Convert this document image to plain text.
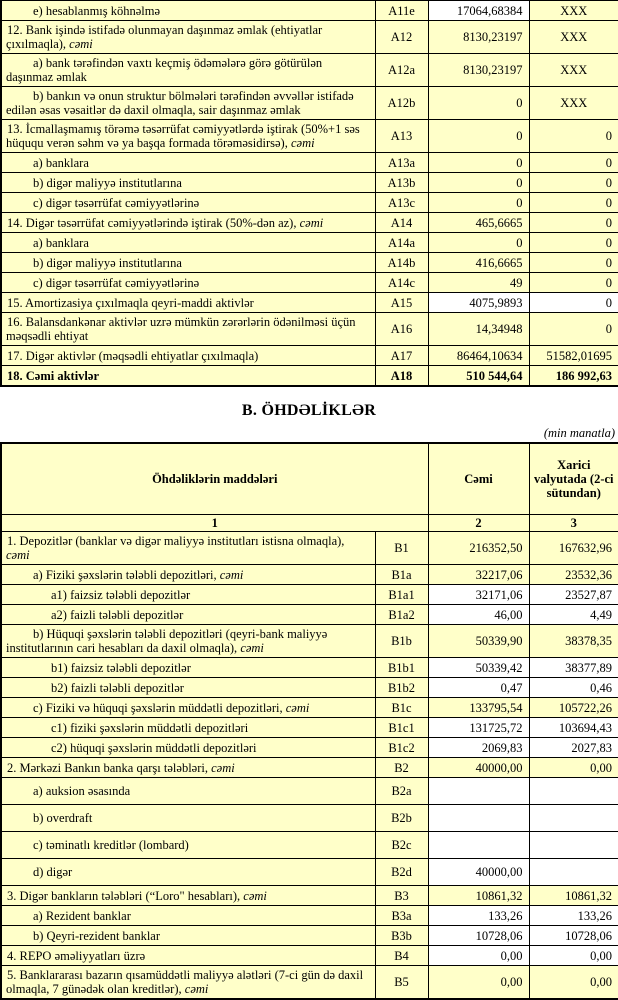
e) hesablanmış köhnəlmə	A11e	17064,68384	XXX
12. Bank işində istifadə olunmayan daşınmaz əmlak (ehtiyatlar çıxılmaqla), cəmi	A12	8130,23197	XXX
a) bank tərəfindən vaxtı keçmiş ödəmələrə görə götürülən daşınmaz əmlak	A12a	8130,23197	XXX
b) bankın və onun struktur bölmələri tərəfindən əvvəllər istifadə edilən əsas vəsaitlər də daxil olmaqla, sair daşınmaz əmlak	A12b	0	XXX
13. İcmallaşmamış törəmə təsərrüfat cəmiyyətlərdə iştirak (50%+1 səs hüququ verən səhm və ya başqa formada törəməsidirsə), cəmi	A13	0	0
a) banklara	A13a	0	0
b) digər maliyyə institutlarına	A13b	0	0
c) digər təsərrüfat cəmiyyətlərinə	A13c	0	0
14. Digər təsərrüfat cəmiyyətlərində iştirak (50%-dən az), cəmi	A14	465,6665	0
a) banklara	A14a	0	0
b) digər maliyyə institutlarına	A14b	416,6665	0
c) digər təsərrüfat cəmiyyətlərinə	A14c	49	0
15. Amortizasiya çıxılmaqla qeyri-maddi aktivlər	A15	4075,9893	0
16. Balansdankənar aktivlər uzrə mümkün zərərlərin ödənilməsi üçün məqsədli ehtiyat	A16	14,34948	0
17. Digər aktivlər (məqsədli ehtiyatlar çıxılmaqla)	A17	86464,10634	51582,01695
18. Cəmi aktivlər	A18	510 544,64	186 992,63
B. ÖHDƏLİKLƏR
(min manatla)
Öhdəliklərin maddələri		Cəmi	Xarici valyutada (2-ci sütundan)
1		2	3
1. Depozitlər (banklar və digər maliyyə institutları istisna olmaqla), cəmi	B1	216352,50	167632,96
a) Fiziki şəxslərin tələbli depozitləri, cəmi	B1a	32217,06	23532,36
a1) faizsiz tələbli depozitlər	B1a1	32171,06	23527,87
a2) faizli tələbli depozitlər	B1a2	46,00	4,49
b) Hüquqi şəxslərin tələbli depozitləri (qeyri-bank maliyyə institutlarının cari hesabları da daxil olmaqla), cəmi	B1b	50339,90	38378,35
b1) faizsiz tələbli depozitlər	B1b1	50339,42	38377,89
b2) faizli tələbli depozitlər	B1b2	0,47	0,46
c) Fiziki və hüquqi şəxslərin müddətli depozitləri, cəmi	B1c	133795,54	105722,26
c1) fiziki şəxslərin müddətli depozitləri	B1c1	131725,72	103694,43
c2) hüquqi şəxslərin müddətli depozitləri	B1c2	2069,83	2027,83
2. Mərkəzi Bankın banka qarşı tələbləri, cəmi	B2	40000,00	0,00
a) auksion əsasında	B2a		
b) overdraft	B2b		
c) təminatlı kreditlər (lombard)	B2c		
d) digər	B2d	40000,00	
3. Digər bankların tələbləri (“Loro" hesabları), cəmi	B3	10861,32	10861,32
a) Rezident banklar	B3a	133,26	133,26
b) Qeyri-rezident banklar	B3b	10728,06	10728,06
4. REPO əməliyyatları üzrə	B4	0,00	0,00
5. Banklararası bazarın qısamüddətli maliyyə alətləri (7-ci gün də daxil olmaqla, 7 günədək olan kreditlər), cəmi	B5	0,00	0,00
